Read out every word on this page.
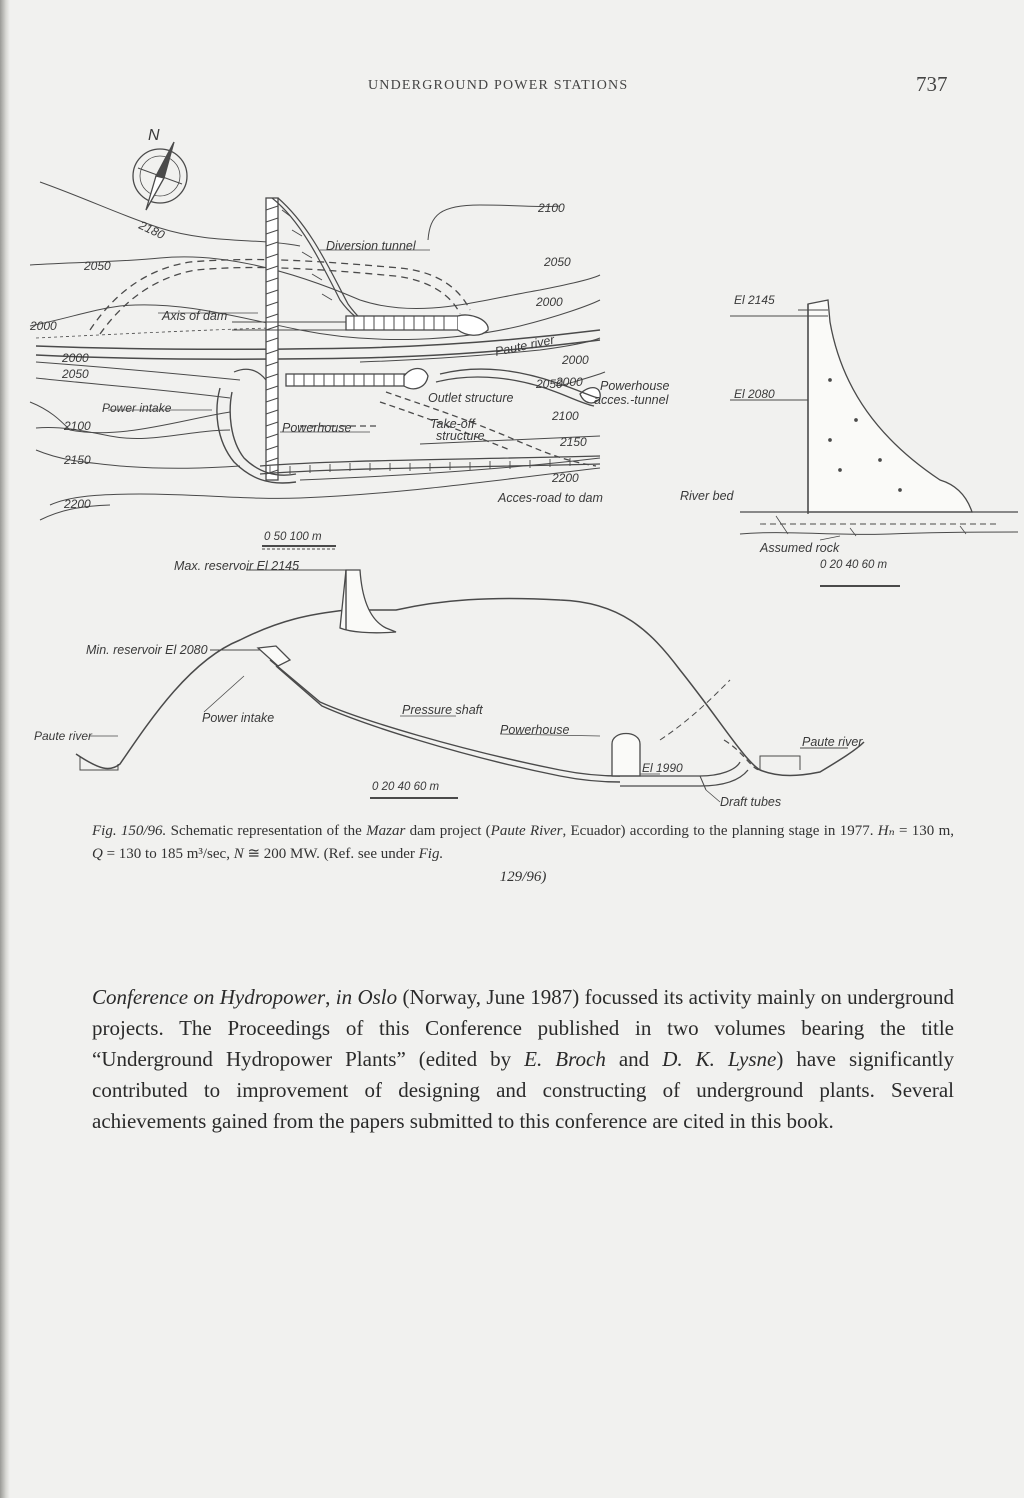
UNDERGROUND POWER STATIONS	737
N
2100
2180
2050	2050
2000
2000
2000
2050
2100
2150
2200
2000
2000
2050
2100
2150
2200
Diversion tunnel
Axis of dam
Paute river
Power intake
Powerhouse
Outlet structure
Take-off
structure
Powerhouse
acces.-tunnel
Acces-road to dam
0 50 100 m
El 2145
El 2080
River bed
Assumed rock
0 20 40 60 m
Max. reservoir El 2145
Min. reservoir El 2080
Power intake
Paute river
Pressure shaft
Powerhouse
Paute river
El 1990
Draft tubes
0 20 40 60 m
Fig. 150/96. Schematic representation of the Mazar dam project (Paute River, Ecuador) according to the planning stage in 1977. Hₙ = 130 m, Q = 130 to 185 m³/sec, N ≅ 200 MW. (Ref. see under Fig.
129/96)
Conference on Hydropower, in Oslo (Norway, June 1987) focussed its activity mainly on underground projects. The Proceedings of this Conference published in two volumes bearing the title “Underground Hydropower Plants” (edited by E. Broch and D. K. Lysne) have significantly contributed to improvement of designing and constructing of underground plants. Several achievements gained from the papers submitted to this conference are cited in this book.
